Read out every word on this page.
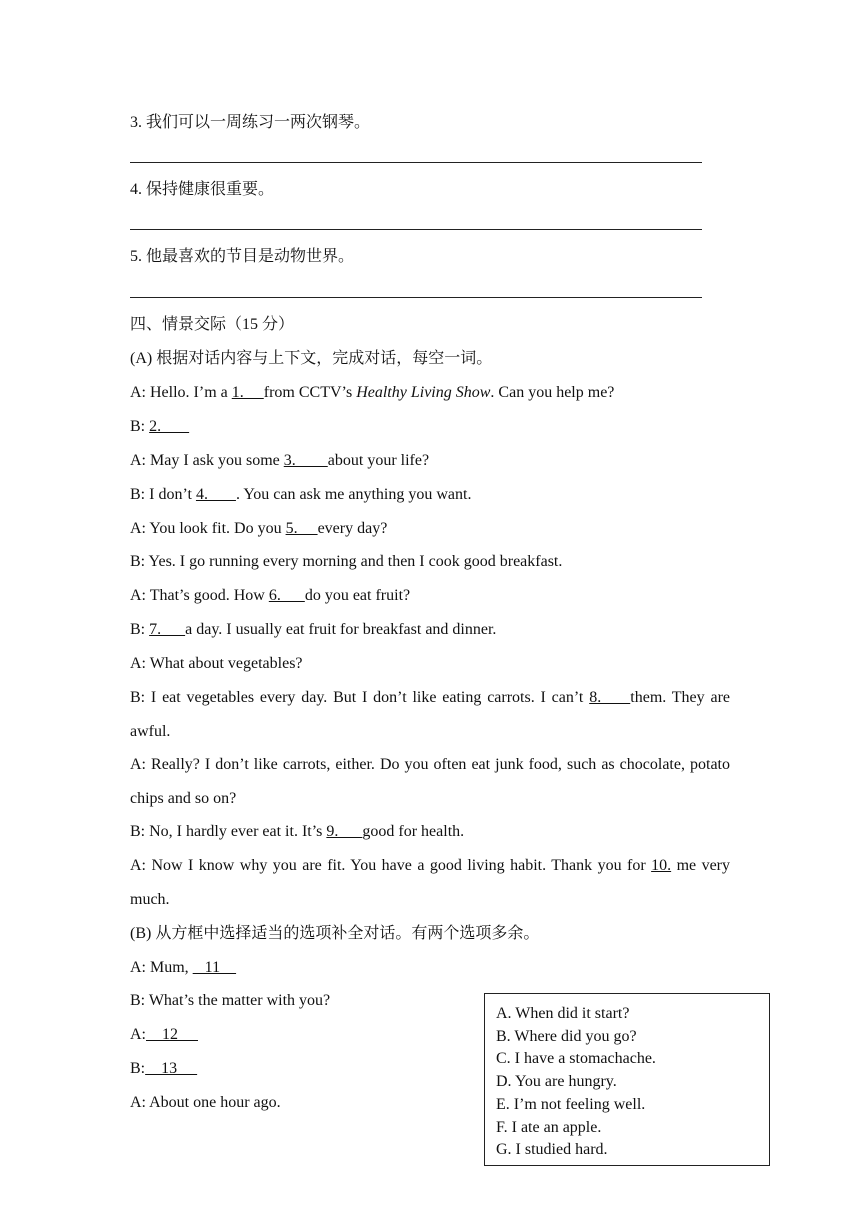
3. 我们可以一周练习一两次钢琴。
4. 保持健康很重要。
5. 他最喜欢的节目是动物世界。
四、情景交际（15 分）
(A) 根据对话内容与上下文，完成对话，每空一词。
A: Hello. I’m a 1.     from CCTV’s Healthy Living Show. Can you help me?
B: 2.
A: May I ask you some 3.        about your life?
B: I don’t 4.       . You can ask me anything you want.
A: You look fit. Do you 5.     every day?
B: Yes. I go running every morning and then I cook good breakfast.
A: That’s good. How 6.      do you eat fruit?
B: 7.      a day. I usually eat fruit for breakfast and dinner.
A: What about vegetables?
B: I eat vegetables every day. But I don’t like eating carrots. I can’t 8.     them. They are awful.
A: Really? I don’t like carrots, either. Do you often eat junk food, such as chocolate, potato chips and so on?
B: No, I hardly ever eat it. It’s 9.      good for health.
A: Now I know why you are fit. You have a good living habit. Thank you for 10. me very much.
(B) 从方框中选择适当的选项补全对话。有两个选项多余。
A: Mum,    11
B: What’s the matter with you?
A:    12
B:    13
A: About one hour ago.
A. When did it start?
B. Where did you go?
C. I have a stomachache.
D. You are hungry.
E. I’m not feeling well.
F. I ate an apple.
G. I studied hard.
